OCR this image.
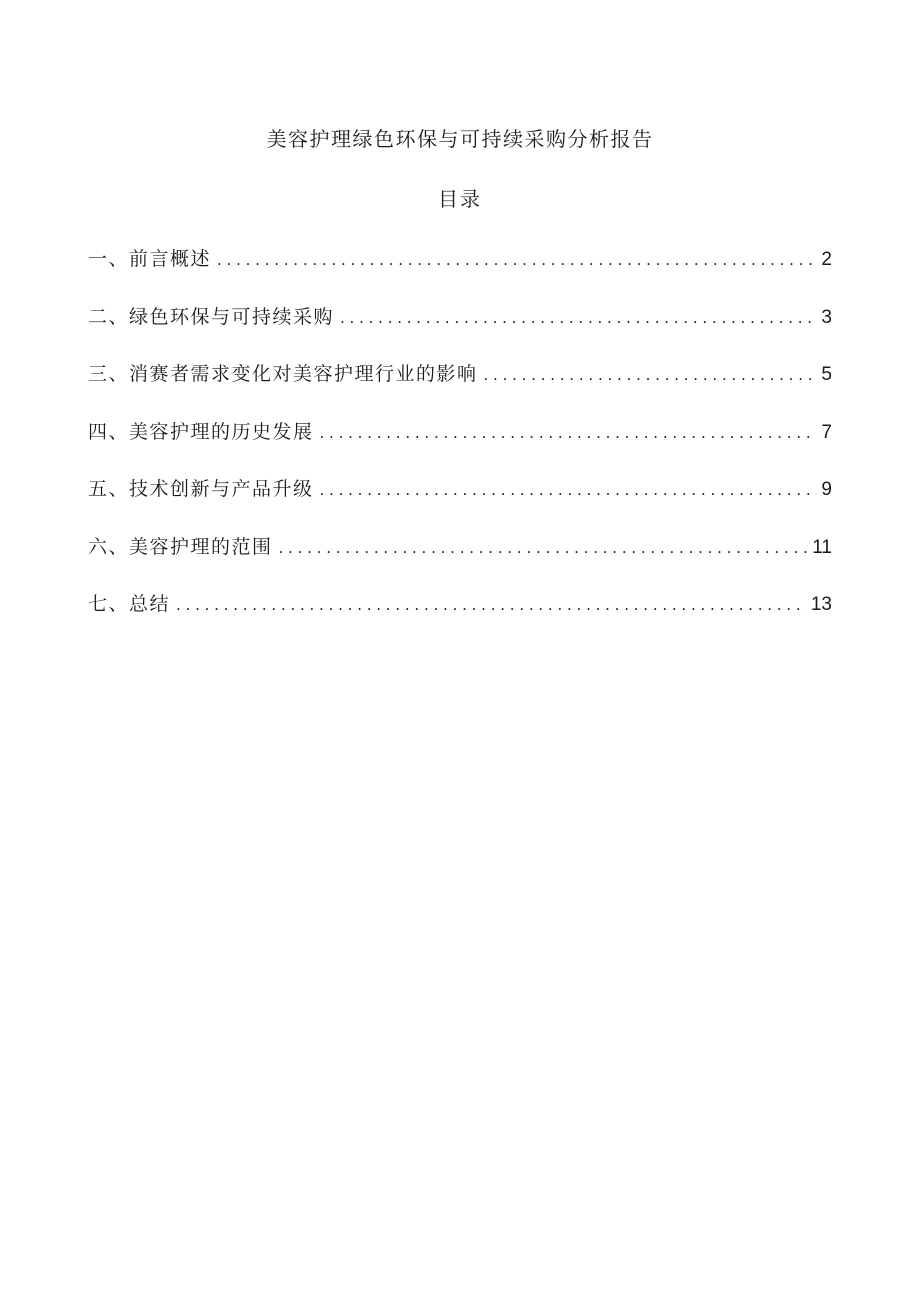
美容护理绿色环保与可持续采购分析报告
目录
一、前言概述 . . .	2
二、绿色环保与可持续采购 . . .	3
三、消赛者需求变化对美容护理行业的影响 . . .	5
四、美容护理的历史发展 . . .	7
五、技术创新与产品升级 . . .	9
六、美容护理的范围 . . .	11
七、总结 . . .	13
